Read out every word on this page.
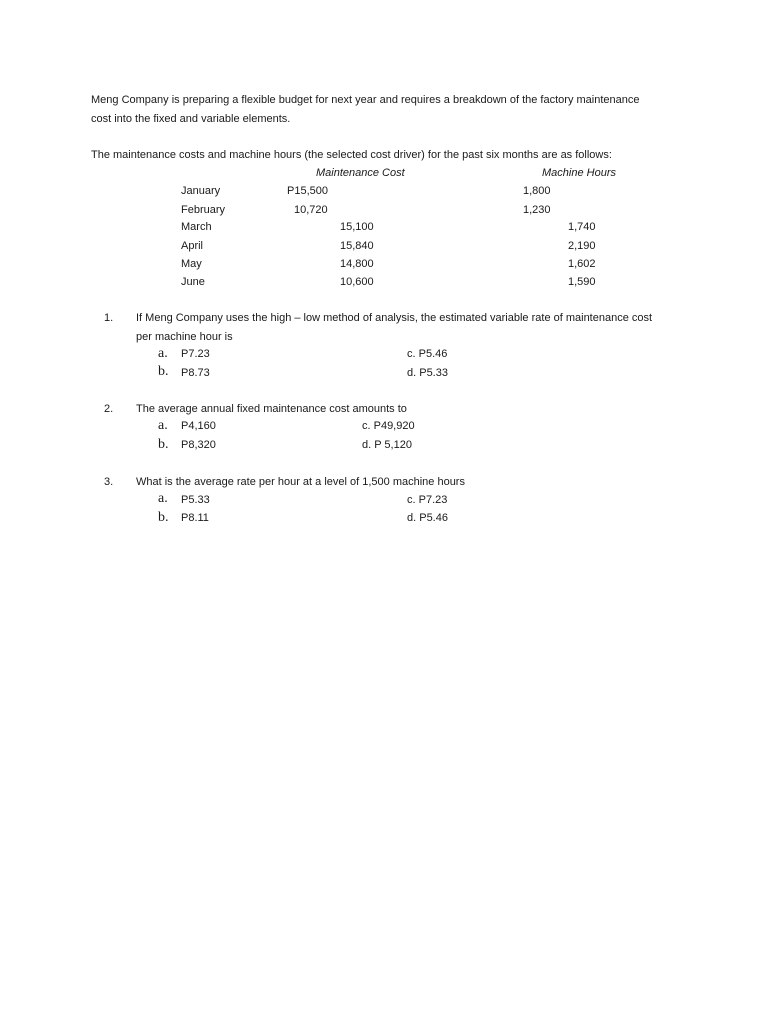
Meng Company is preparing a flexible budget for next year and requires a breakdown of the factory maintenance
cost into the fixed and variable elements.
The maintenance costs and machine hours (the selected cost driver) for the past six months are as follows:
Maintenance Cost	Machine Hours
January	P15,500	1,800
February	10,720	1,230
March	15,100	1,740
April	15,840	2,190
May	14,800	1,602
June	10,600	1,590
1. If Meng Company uses the high – low method of analysis, the estimated variable rate of maintenance cost
per machine hour is
a. P7.23	c. P5.46
b. P8.73	d. P5.33
2. The average annual fixed maintenance cost amounts to
a. P4,160	c. P49,920
b. P8,320	d. P 5,120
3. What is the average rate per hour at a level of 1,500 machine hours
a. P5.33	c. P7.23
b. P8.11	d. P5.46
